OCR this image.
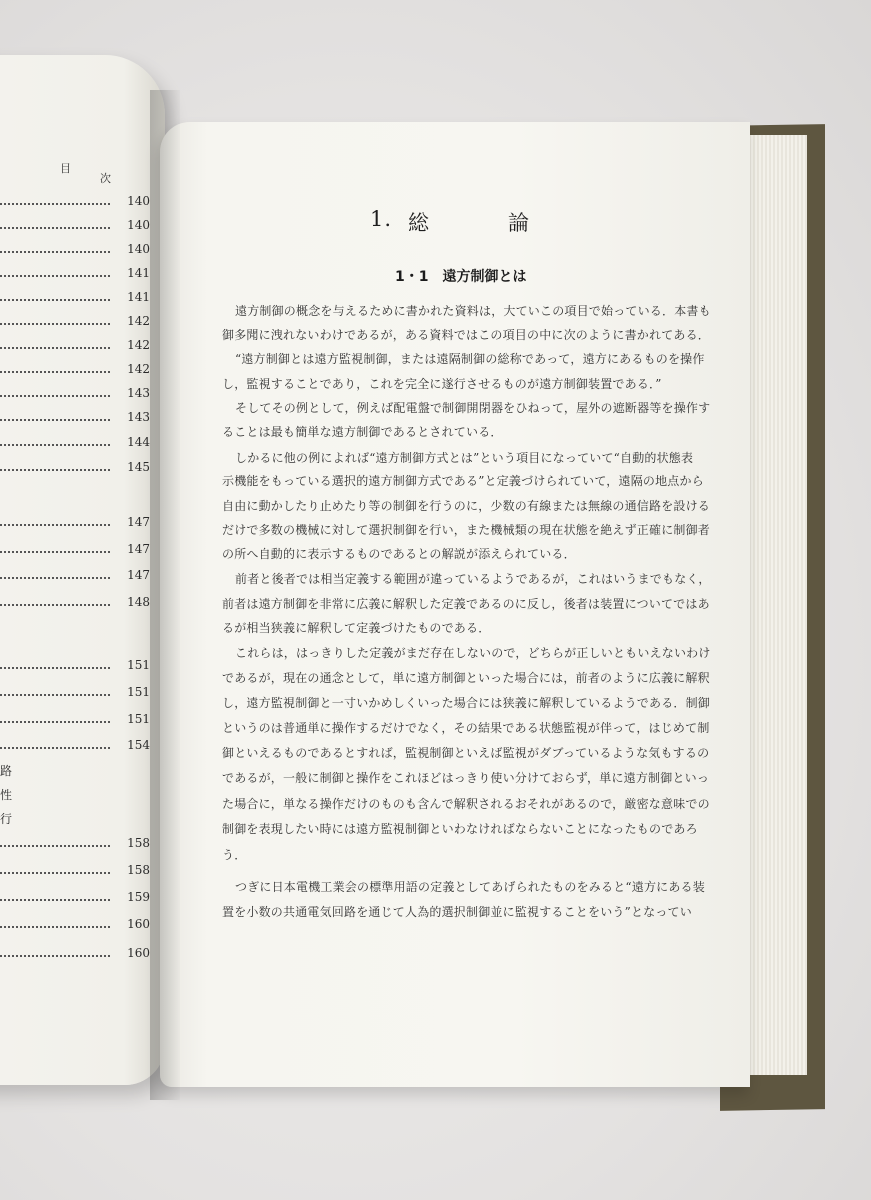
目
次
140
140
140
141
141
142
142
142
143
143
144
145
147
147
147
148
151
151
151
154
路
性
行
158
158
159
160
160
1. 総	論
1・1　遠方制御とは
遠方制御の概念を与えるために書かれた資料は，大ていこの項目で始っている．本書も
御多聞に洩れないわけであるが，ある資料ではこの項目の中に次のように書かれてある．
“遠方制御とは遠方監視制御，または遠隔制御の総称であって，遠方にあるものを操作
し，監視することであり，これを完全に遂行させるものが遠方制御装置である．”
そしてその例として，例えば配電盤で制御開閉器をひねって，屋外の遮断器等を操作す
ることは最も簡単な遠方制御であるとされている．
しかるに他の例によれば“遠方制御方式とは”という項目になっていて“自動的状態表
示機能をもっている選択的遠方制御方式である”と定義づけられていて，遠隔の地点から
自由に動かしたり止めたり等の制御を行うのに，少数の有線または無線の通信路を設ける
だけで多数の機械に対して選択制御を行い，また機械類の現在状態を絶えず正確に制御者
の所へ自動的に表示するものであるとの解説が添えられている．
前者と後者では相当定義する範囲が違っているようであるが，これはいうまでもなく，
前者は遠方制御を非常に広義に解釈した定義であるのに反し，後者は装置についてではあ
るが相当狭義に解釈して定義づけたものである．
これらは，はっきりした定義がまだ存在しないので，どちらが正しいともいえないわけ
であるが，現在の通念として，単に遠方制御といった場合には，前者のように広義に解釈
し，遠方監視制御と一寸いかめしくいった場合には狭義に解釈しているようである．制御
というのは普通単に操作するだけでなく，その結果である状態監視が伴って，はじめて制
御といえるものであるとすれば，監視制御といえば監視がダブっているような気もするの
であるが，一般に制御と操作をこれほどはっきり使い分けておらず，単に遠方制御といっ
た場合に，単なる操作だけのものも含んで解釈されるおそれがあるので，厳密な意味での
制御を表現したい時には遠方監視制御といわなければならないことになったものであろ
う．
つぎに日本電機工業会の標準用語の定義としてあげられたものをみると“遠方にある装
置を小数の共通電気回路を通じて人為的選択制御並に監視することをいう”となってい
